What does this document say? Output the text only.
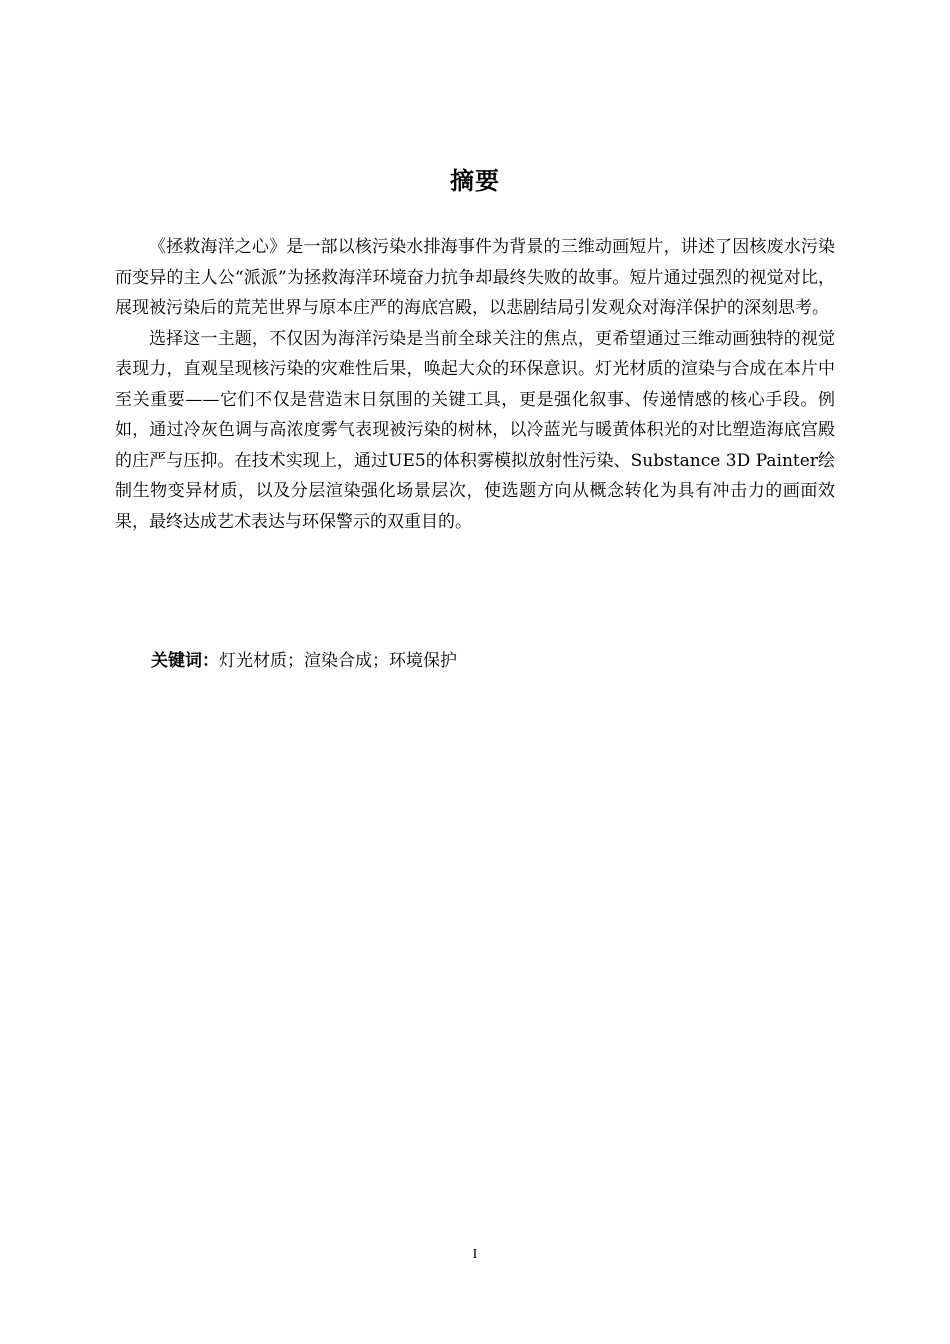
摘要

《拯救海洋之心》是一部以核污染水排海事件为背景的三维动画短片，讲述了因核废水污染而变异的主人公“派派”为拯救海洋环境奋力抗争却最终失败的故事。短片通过强烈的视觉对比，展现被污染后的荒芜世界与原本庄严的海底宫殿，以悲剧结局引发观众对海洋保护的深刻思考。

选择这一主题，不仅因为海洋污染是当前全球关注的焦点，更希望通过三维动画独特的视觉表现力，直观呈现核污染的灾难性后果，唤起大众的环保意识。灯光材质的渲染与合成在本片中至关重要——它们不仅是营造末日氛围的关键工具，更是强化叙事、传递情感的核心手段。例如，通过冷灰色调与高浓度雾气表现被污染的树林，以冷蓝光与暖黄体积光的对比塑造海底宫殿的庄严与压抑。在技术实现上，通过UE5的体积雾模拟放射性污染、Substance 3D Painter绘制生物变异材质，以及分层渲染强化场景层次，使选题方向从概念转化为具有冲击力的画面效果，最终达成艺术表达与环保警示的双重目的。

关键词：灯光材质；渲染合成；环境保护
I
